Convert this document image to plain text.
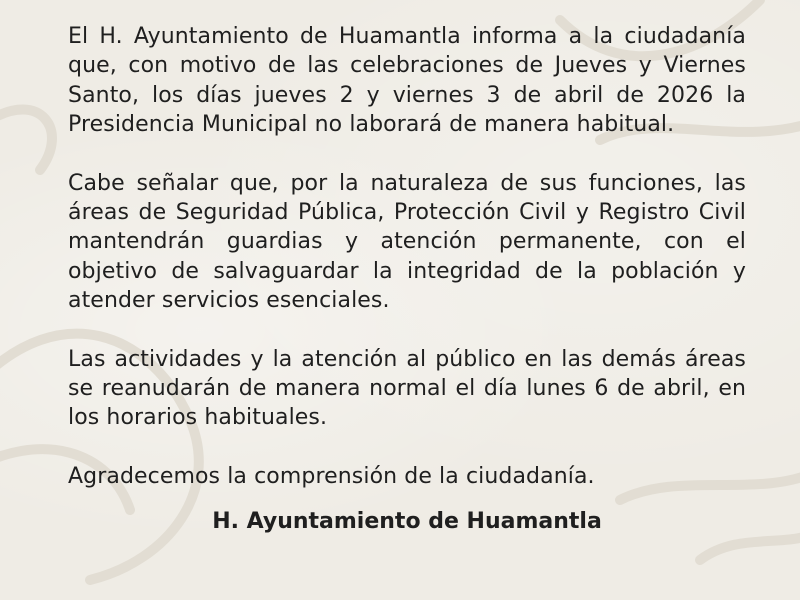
El H. Ayuntamiento de Huamantla informa a la ciudadanía que, con motivo de las celebraciones de Jueves y Viernes Santo, los días jueves 2 y viernes 3 de abril de 2026 la Presidencia Municipal no laborará de manera habitual.

Cabe señalar que, por la naturaleza de sus funciones, las áreas de Seguridad Pública, Protección Civil y Registro Civil mantendrán guardias y atención permanente, con el objetivo de salvaguardar la integridad de la población y atender servicios esenciales.

Las actividades y la atención al público en las demás áreas se reanudarán de manera normal el día lunes 6 de abril, en los horarios habituales.

Agradecemos la comprensión de la ciudadanía.

H. Ayuntamiento de Huamantla
